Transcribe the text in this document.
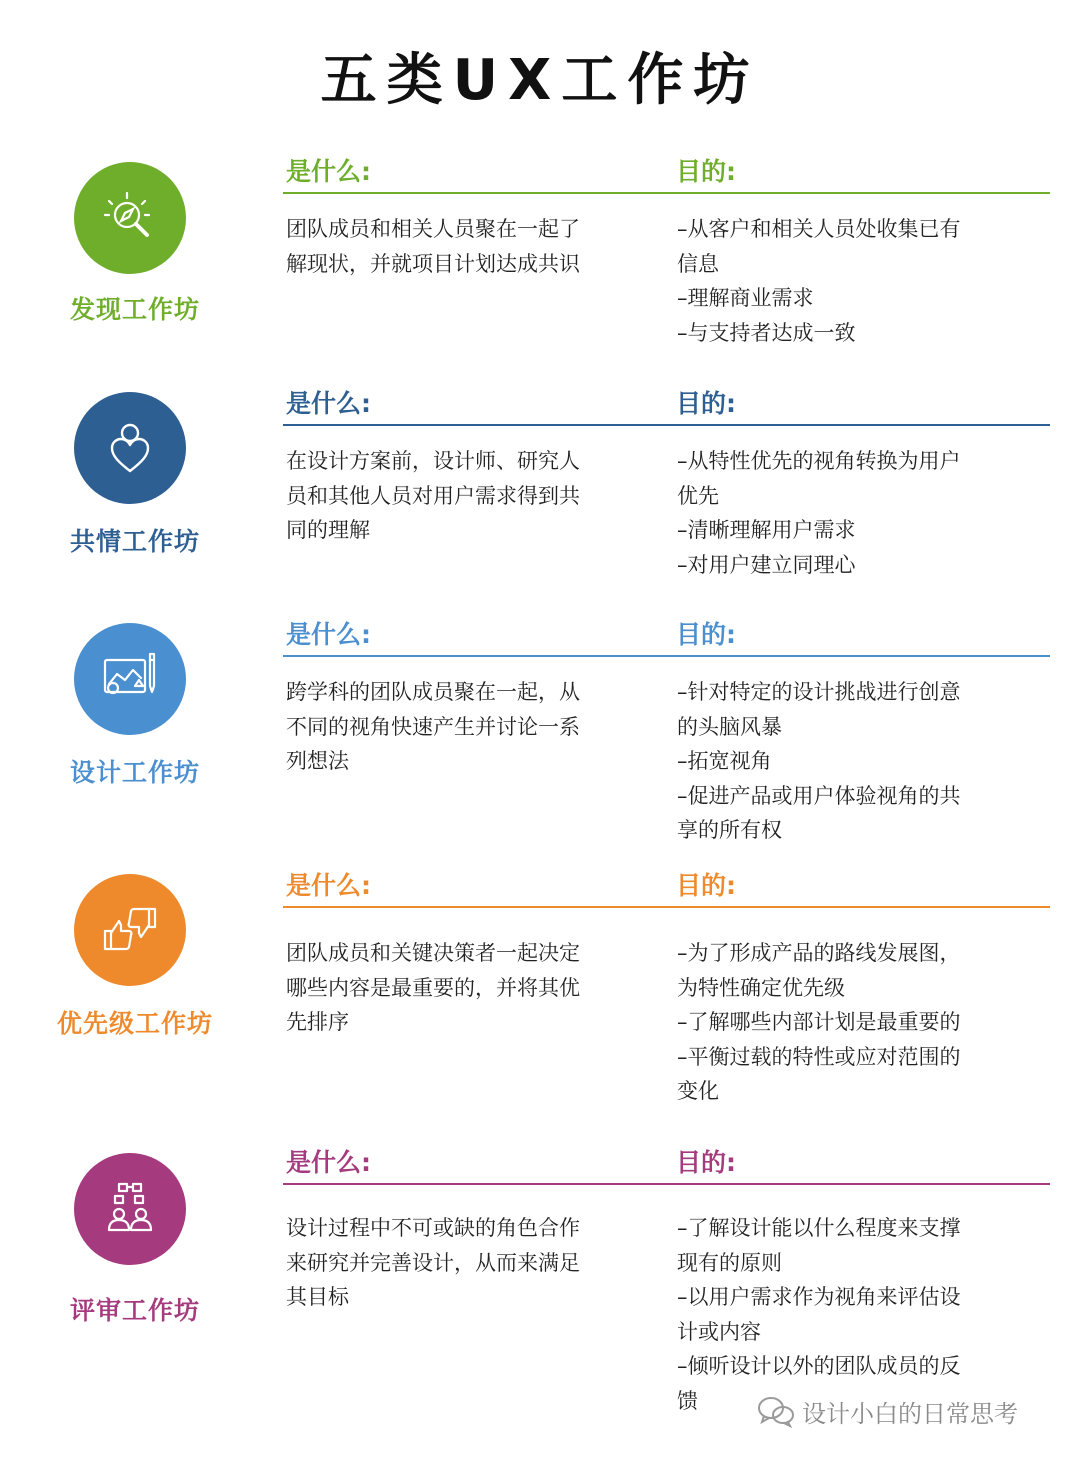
五类UX工作坊
发现工作坊
是什么:	目的:
团队成员和相关人员聚在一起了
解现状，并就项目计划达成共识
–从客户和相关人员处收集已有
信息
–理解商业需求
–与支持者达成一致
共情工作坊
是什么:	目的:
在设计方案前，设计师、研究人
员和其他人员对用户需求得到共
同的理解
–从特性优先的视角转换为用户
优先
–清晰理解用户需求
–对用户建立同理心
设计工作坊
是什么:	目的:
跨学科的团队成员聚在一起，从
不同的视角快速产生并讨论一系
列想法
–针对特定的设计挑战进行创意
的头脑风暴
–拓宽视角
–促进产品或用户体验视角的共
享的所有权
优先级工作坊
是什么:	目的:
团队成员和关键决策者一起决定
哪些内容是最重要的，并将其优
先排序
–为了形成产品的路线发展图，
为特性确定优先级
–了解哪些内部计划是最重要的
–平衡过载的特性或应对范围的
变化
评审工作坊
是什么:	目的:
设计过程中不可或缺的角色合作
来研究并完善设计，从而来满足
其目标
–了解设计能以什么程度来支撑
现有的原则
–以用户需求作为视角来评估设
计或内容
–倾听设计以外的团队成员的反
馈	设计小白的日常思考
